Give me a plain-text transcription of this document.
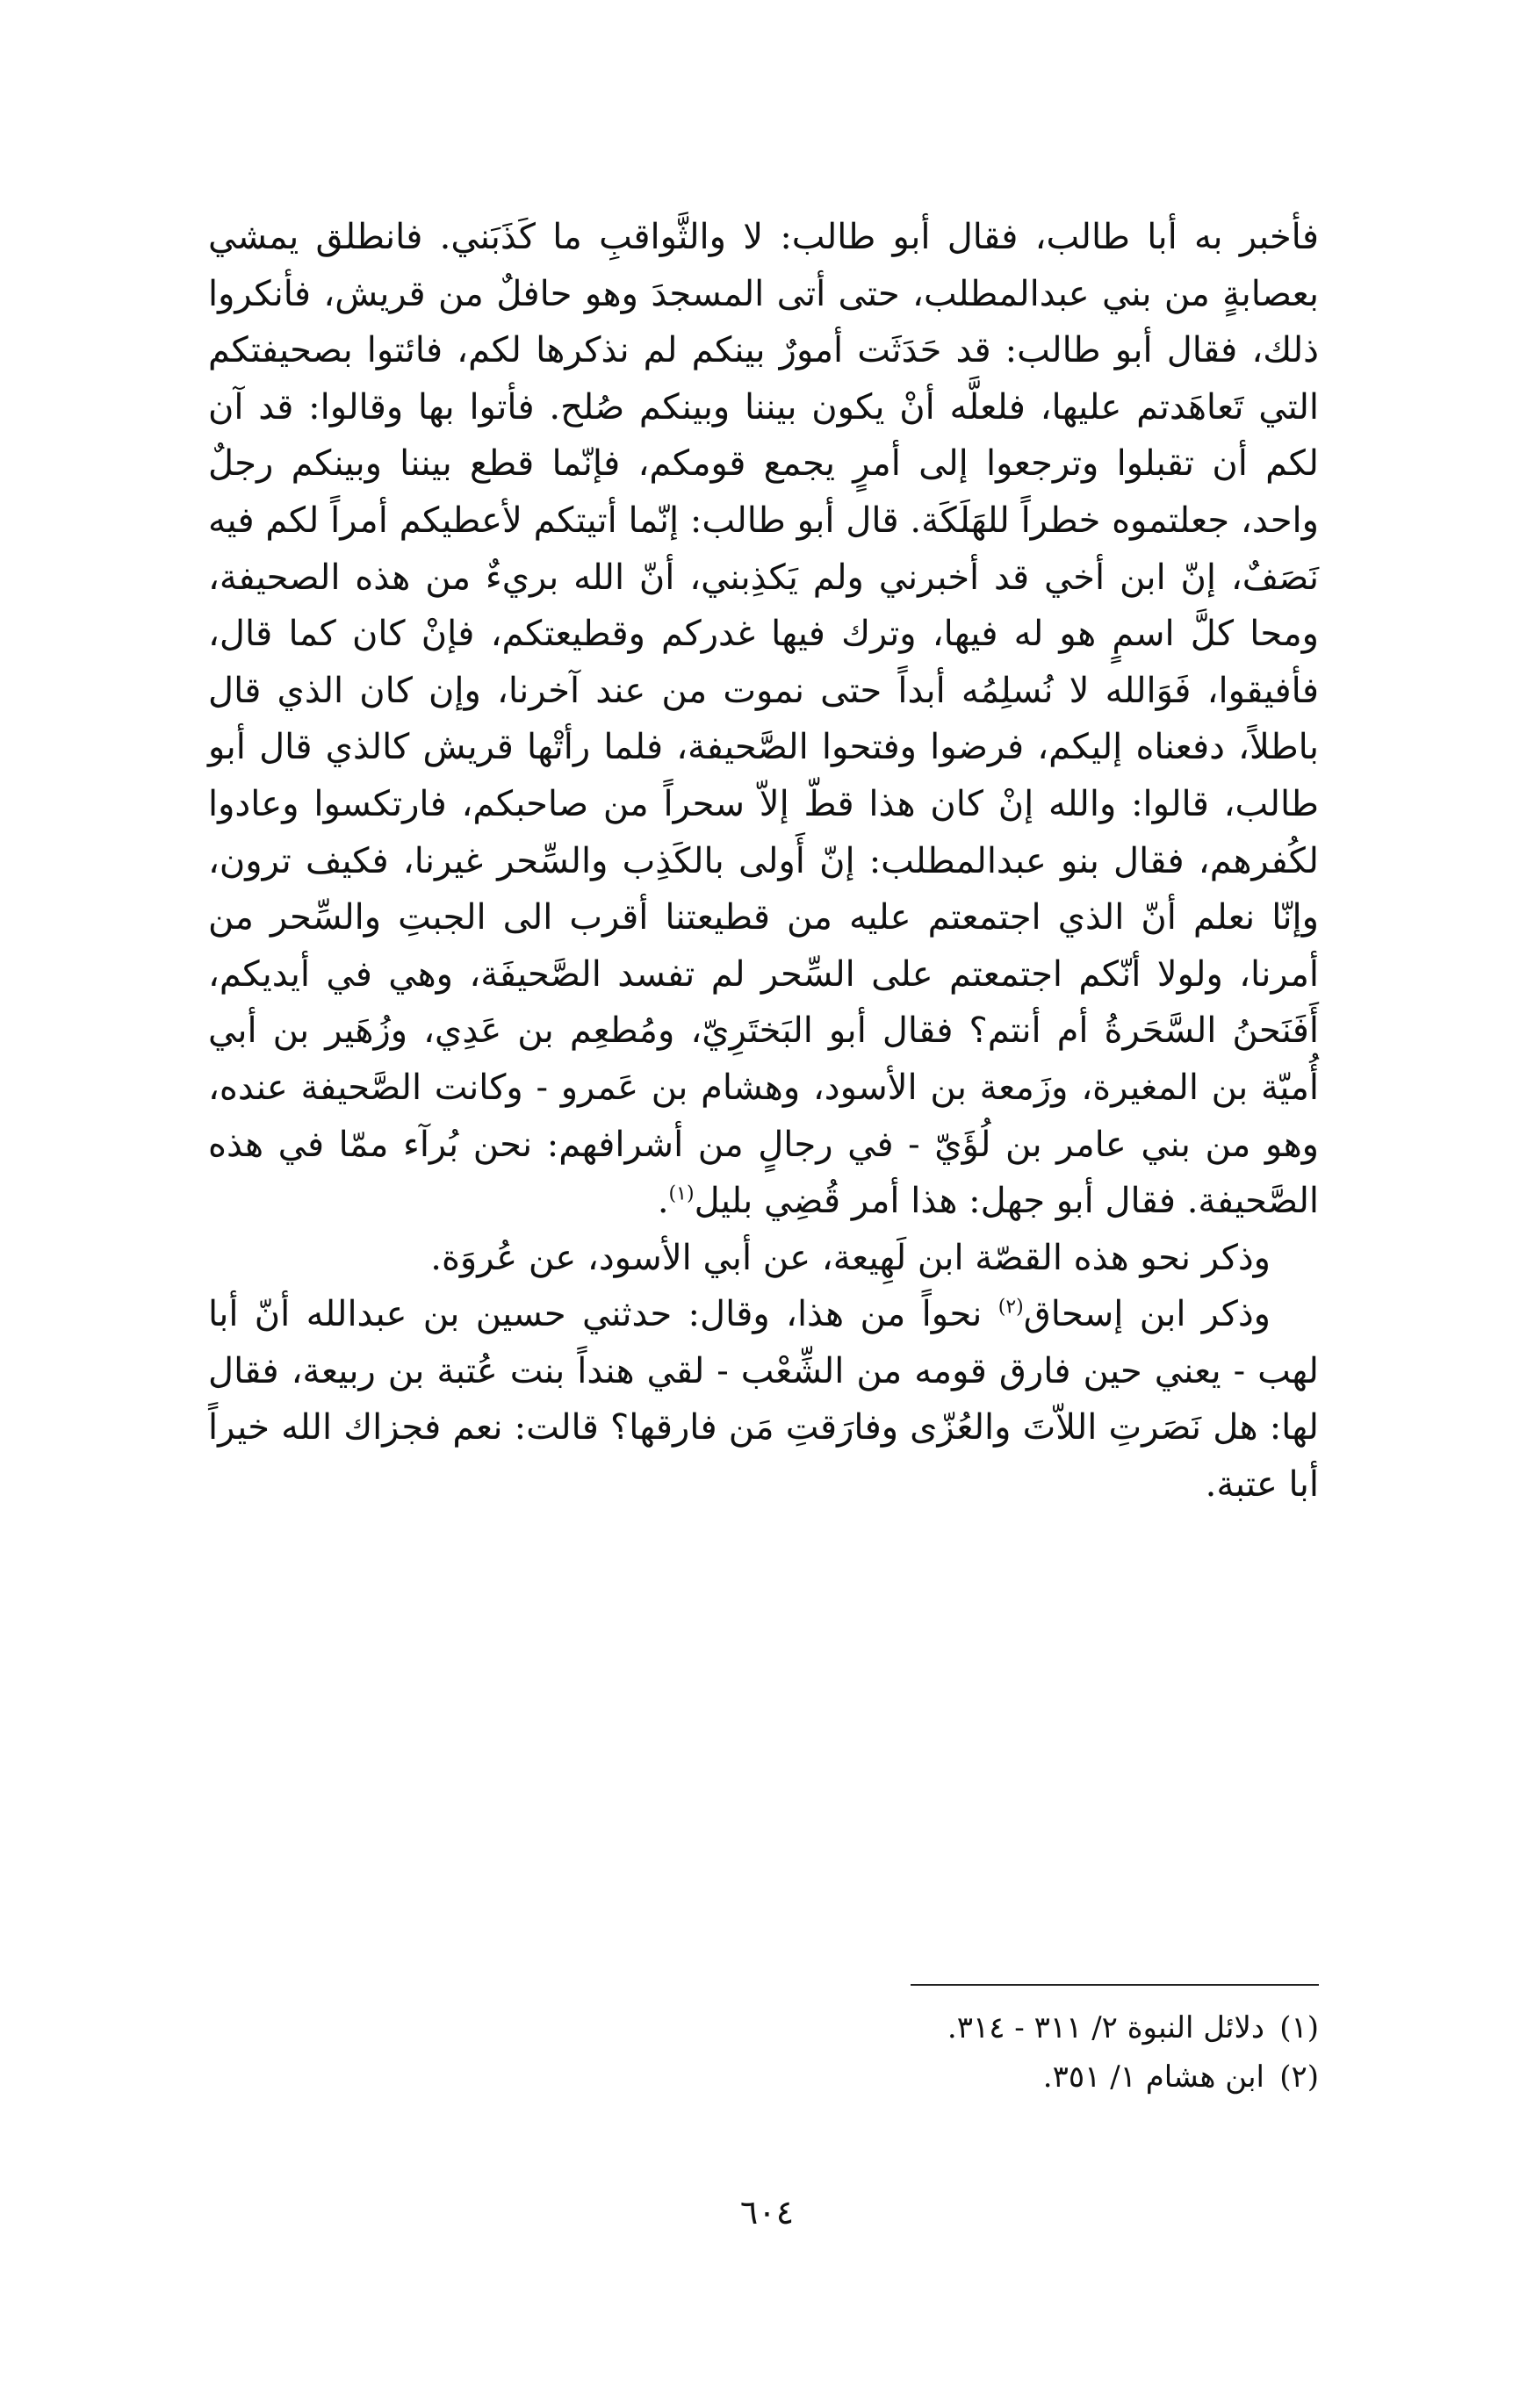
فأخبر به أبا طالب، فقال أبو طالب: لا والثَّواقبِ ما كَذَبَني. فانطلق يمشي بعصابةٍ من بني عبدالمطلب، حتى أتى المسجدَ وهو حافلٌ من قريش، فأنكروا ذلك، فقال أبو طالب: قد حَدَثَت أمورٌ بينكم لم نذكرها لكم، فائتوا بصحيفتكم التي تَعاهَدتم عليها، فلعلَّه أنْ يكون بيننا وبينكم صُلح. فأتوا بها وقالوا: قد آن لكم أن تقبلوا وترجعوا إلى أمرٍ يجمع قومكم، فإنّما قطع بيننا وبينكم رجلٌ واحد، جعلتموه خطراً للهَلَكَة. قال أبو طالب: إنّما أتيتكم لأعطيكم أمراً لكم فيه نَصَفٌ، إنّ ابن أخي قد أخبرني ولم يَكذِبني، أنّ الله بريءٌ من هذه الصحيفة، ومحا كلَّ اسمٍ هو له فيها، وترك فيها غدركم وقطيعتكم، فإنْ كان كما قال، فأفيقوا، فَوَالله لا نُسلِمُه أبداً حتى نموت من عند آخرنا، وإن كان الذي قال باطلاً، دفعناه إليكم، فرضوا وفتحوا الصَّحيفة، فلما رأتْها قريش كالذي قال أبو طالب، قالوا: والله إنْ كان هذا قطّ إلاّ سحراً من صاحبكم، فارتكسوا وعادوا لكُفرهم، فقال بنو عبدالمطلب: إنّ أَولى بالكَذِب والسِّحر غيرنا، فكيف ترون، وإنّا نعلم أنّ الذي اجتمعتم عليه من قطيعتنا أقرب الى الجبتِ والسِّحر من أمرنا، ولولا أنّكم اجتمعتم على السِّحر لم تفسد الصَّحيفَة، وهي في أيديكم، أَفَنَحنُ السَّحَرةُ أم أنتم؟ فقال أبو البَختَرِيّ، ومُطعِم بن عَدِي، وزُهَير بن أبي أُميّة بن المغيرة، وزَمعة بن الأسود، وهشام بن عَمرو - وكانت الصَّحيفة عنده، وهو من بني عامر بن لُؤَيّ - في رجالٍ من أشرافهم: نحن بُرآء ممّا في هذه الصَّحيفة. فقال أبو جهل: هذا أمر قُضِي بليل$^{(١)}$.

وذكر نحو هذه القصّة ابن لَهِيعة، عن أبي الأسود، عن عُروَة.

وذكر ابن إسحاق$^{(٢)}$ نحواً من هذا، وقال: حدثني حسين بن عبدالله أنّ أبا لهب - يعني حين فارق قومه من الشِّعْب - لقي هنداً بنت عُتبة بن ربيعة، فقال لها: هل نَصَرتِ اللاّتَ والعُزّى وفارَقتِ مَن فارقها؟ قالت: نعم فجزاك الله خيراً أبا عتبة.

(١)دلائل النبوة ٢/ ٣١١ - ٣١٤.

(٢)ابن هشام ١/ ٣٥١.

٦٠٤
